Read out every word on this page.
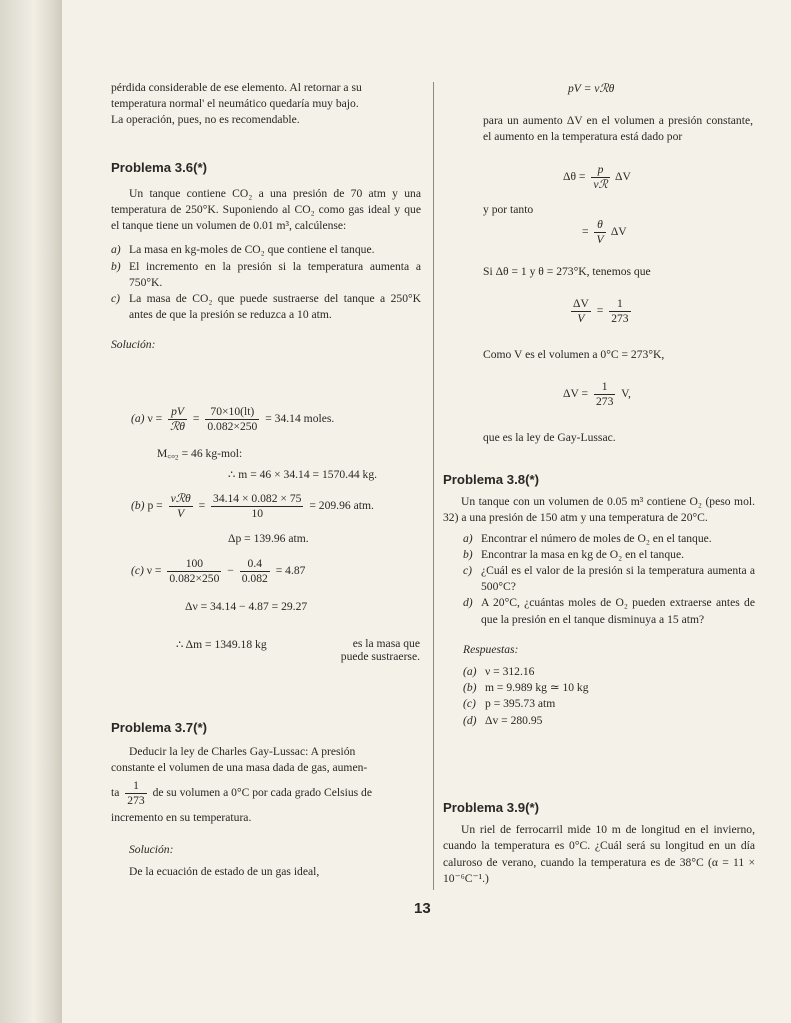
pérdida considerable de ese elemento. Al retornar a su

temperatura normal' el neumático quedaría muy bajo.

La operación, pues, no es recomendable.

Problema 3.6(*)

Un tanque contiene CO₂ a una presión de 70 atm y una temperatura de 250°K. Suponiendo al CO₂ como gas ideal y que el tanque tiene un volumen de 0.01 m³, calcúlense:

a) La masa en kg-moles de CO₂ que contiene el tanque.
b) El incremento en la presión si la temperatura aumenta a 750°K.
c) La masa de CO₂ que puede sustraerse del tanque a 250°K antes de que la presión se reduzca a 10 atm.

Solución:

(a) $\nu = \frac{pV}{\text{ℛθ}} = \frac{70\times 10(lt)}{0.082\times 250} = 34.14$ moles.
M꜀ₒ₂ = 46 kg-mol:
∴ m = 46 × 34.14 = 1570.44 kg.
(b) $p = \frac{\text{νℛθ}}{V} = \frac{34.14 \times 0.082 \times 75}{10} = 209.96$ atm.
Δp = 139.96 atm.
(c) $\nu = \frac{100}{0.082\times 250} - \frac{0.4}{0.082} = 4.87$
Δν = 34.14 − 4.87 = 29.27
∴ Δm = 1349.18 kg	es la masa que
puede sustraerse.
Problema 3.7(*)

Deducir la ley de Charles Gay-Lussac: A presión

constante el volumen de una masa dada de gas, aumen-

ta $\frac{1}{273}$ de su volumen a 0°C por cada grado Celsius de

incremento en su temperatura.

Solución:

De la ecuación de estado de un gas ideal,

pV = νℛθ

para un aumento ΔV en el volumen a presión constante, el aumento en la temperatura está dado por

$\Delta\theta = \frac{p}{\text{νℛ}}$ ΔV
y por tanto
= $\frac{\theta}{V}$ ΔV
Si Δθ = 1 y θ = 273°K, tenemos que
$\frac{\Delta V}{V} = \frac{1}{273}$
Como V es el volumen a 0°C = 273°K,
$\Delta V = \frac{1}{273} V$,
que es la ley de Gay-Lussac.
Problema 3.8(*)

Un tanque con un volumen de 0.05 m³ contiene O₂ (peso mol. 32) a una presión de 150 atm y una temperatura de 20°C.

a) Encontrar el número de moles de O₂ en el tanque.
b) Encontrar la masa en kg de O₂ en el tanque.
c) ¿Cuál es el valor de la presión si la temperatura aumenta a 500°C?
d) A 20°C, ¿cuántas moles de O₂ pueden extraerse antes de que la presión en el tanque disminuya a 15 atm?

Respuestas:

(a) ν = 312.16
(b) m = 9.989 kg ≃ 10 kg
(c) p = 395.73 atm
(d) Δv = 280.95
Problema 3.9(*)

Un riel de ferrocarril mide 10 m de longitud en el invierno, cuando la temperatura es 0°C. ¿Cuál será su longitud en un día caluroso de verano, cuando la temperatura es de 38°C (α = 11 × 10⁻⁶C⁻¹.)

13
